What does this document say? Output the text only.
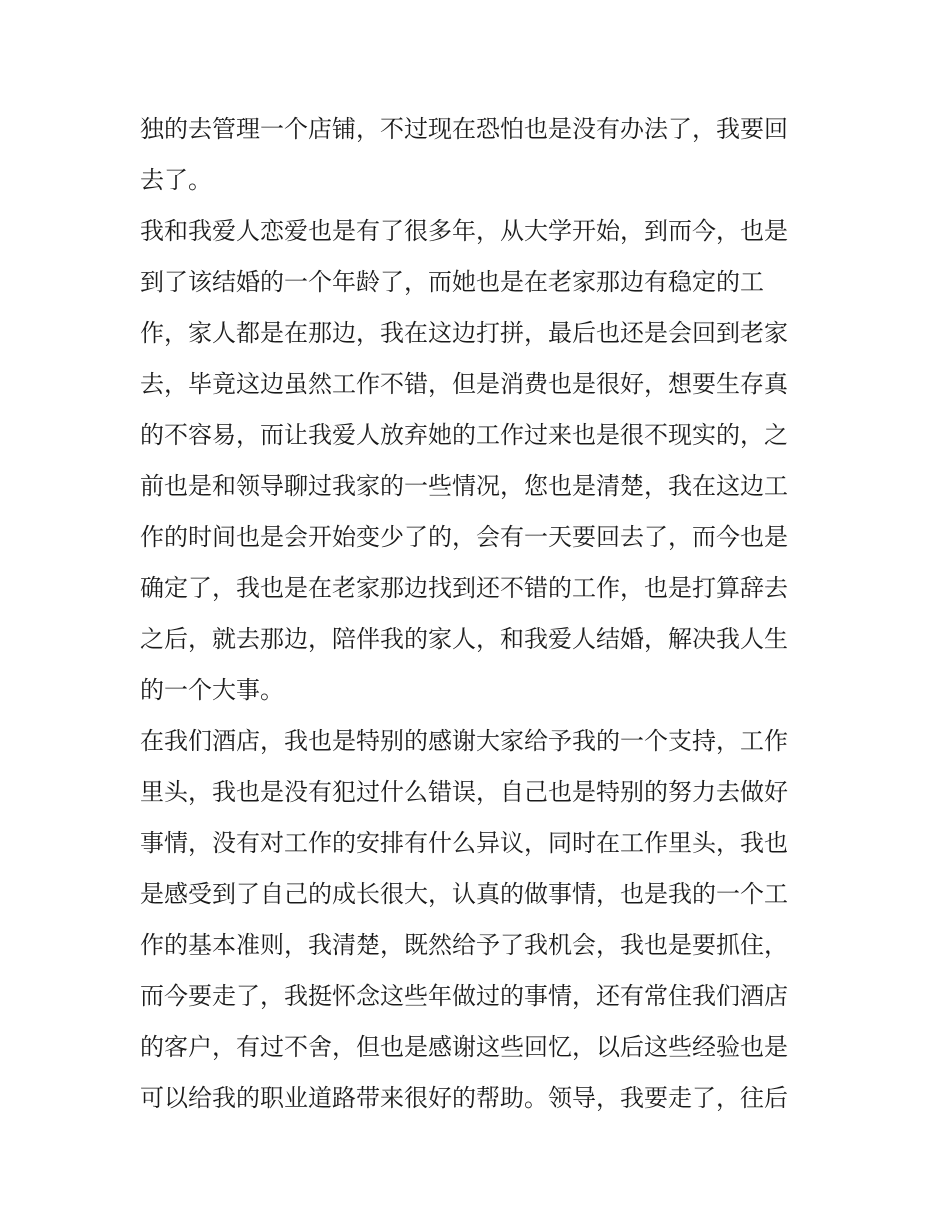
独的去管理一个店铺，不过现在恐怕也是没有办法了，我要回
去了。
我和我爱人恋爱也是有了很多年，从大学开始，到而今，也是
到了该结婚的一个年龄了，而她也是在老家那边有稳定的工
作，家人都是在那边，我在这边打拼，最后也还是会回到老家
去，毕竟这边虽然工作不错，但是消费也是很好，想要生存真
的不容易，而让我爱人放弃她的工作过来也是很不现实的，之
前也是和领导聊过我家的一些情况，您也是清楚，我在这边工
作的时间也是会开始变少了的，会有一天要回去了，而今也是
确定了，我也是在老家那边找到还不错的工作，也是打算辞去
之后，就去那边，陪伴我的家人，和我爱人结婚，解决我人生
的一个大事。
在我们酒店，我也是特别的感谢大家给予我的一个支持，工作
里头，我也是没有犯过什么错误，自己也是特别的努力去做好
事情，没有对工作的安排有什么异议，同时在工作里头，我也
是感受到了自己的成长很大，认真的做事情，也是我的一个工
作的基本准则，我清楚，既然给予了我机会，我也是要抓住，
而今要走了，我挺怀念这些年做过的事情，还有常住我们酒店
的客户，有过不舍，但也是感谢这些回忆，以后这些经验也是
可以给我的职业道路带来很好的帮助。领导，我要走了，往后
